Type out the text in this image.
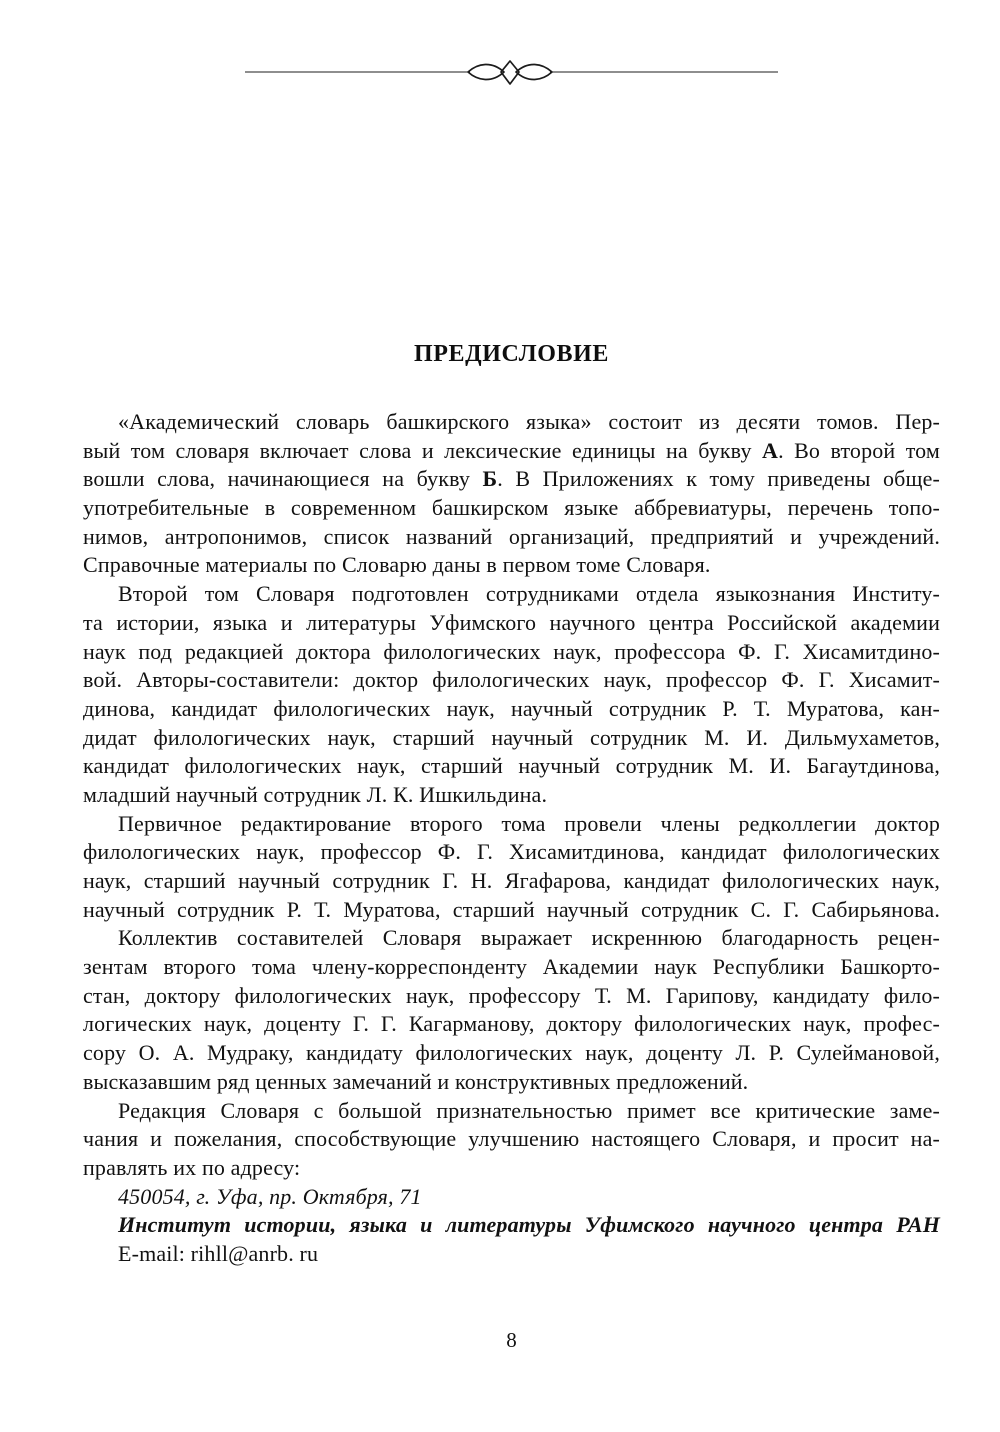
ПРЕДИСЛОВИЕ
«Академический словарь башкирского языка» состоит из десяти томов. Пер-
вый том словаря включает слова и лексические единицы на букву А. Во второй том
вошли слова, начинающиеся на букву Б. В Приложениях к тому приведены обще-
употребительные в современном башкирском языке аббревиатуры, перечень топо-
нимов, антропонимов, список названий организаций, предприятий и учреждений.
Справочные материалы по Словарю даны в первом томе Словаря.
Второй том Словаря подготовлен сотрудниками отдела языкознания Институ-
та истории, языка и литературы Уфимского научного центра Российской академии
наук под редакцией доктора филологических наук, профессора Ф. Г. Хисамитдино-
вой. Авторы-составители: доктор филологических наук, профессор Ф. Г. Хисамит-
динова, кандидат филологических наук, научный сотрудник Р. Т. Муратова, кан-
дидат филологических наук, старший научный сотрудник М. И. Дильмухаметов,
кандидат филологических наук, старший научный сотрудник М. И. Багаутдинова,
младший научный сотрудник Л. К. Ишкильдина.
Первичное редактирование второго тома провели члены редколлегии доктор
филологических наук, профессор Ф. Г. Хисамитдинова, кандидат филологических
наук, старший научный сотрудник Г. Н. Ягафарова, кандидат филологических наук,
научный сотрудник Р. Т. Муратова, старший научный сотрудник С. Г. Сабирьянова.
Коллектив составителей Словаря выражает искреннюю благодарность рецен-
зентам второго тома члену-корреспонденту Академии наук Республики Башкорто-
стан, доктору филологических наук, профессору Т. М. Гарипову, кандидату фило-
логических наук, доценту Г. Г. Кагарманову, доктору филологических наук, профес-
сору О. А. Мудраку, кандидату филологических наук, доценту Л. Р. Сулеймановой,
высказавшим ряд ценных замечаний и конструктивных предложений.
Редакция Словаря с большой признательностью примет все критические заме-
чания и пожелания, способствующие улучшению настоящего Словаря, и просит на-
правлять их по адресу:
450054, г. Уфа, пр. Октября, 71
Институт истории, языка и литературы Уфимского научного центра РАН
E-mail: rihll@anrb. ru
8
